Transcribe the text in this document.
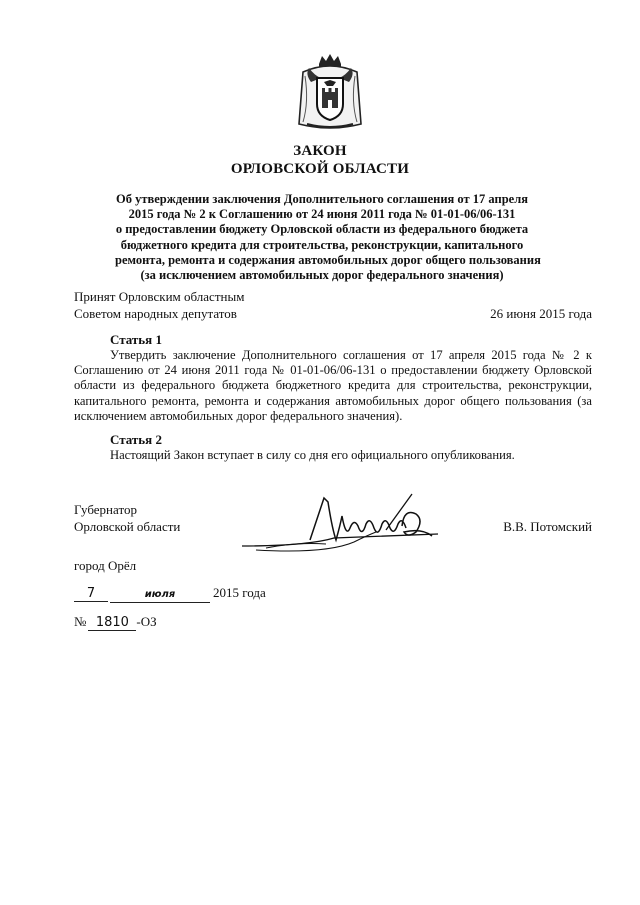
ЗАКОН
ОРЛОВСКОЙ ОБЛАСТИ
Об утверждении заключения Дополнительного соглашения от 17 апреля
2015 года № 2 к Соглашению от 24 июня 2011 года № 01-01-06/06-131
о предоставлении бюджету Орловской области из федерального бюджета
бюджетного кредита для строительства, реконструкции, капитального
ремонта, ремонта и содержания автомобильных дорог общего пользования
(за исключением автомобильных дорог федерального значения)
Принят Орловским областным
Советом народных депутатов	26 июня 2015 года
Статья 1
Утвердить заключение Дополнительного соглашения от 17 апреля 2015 года № 2 к
Соглашению от 24 июня 2011 года № 01-01-06/06-131 о предоставлении бюджету Орловской
области из федерального бюджета бюджетного кредита для строительства, реконструкции,
капитального ремонта, ремонта и содержания автомобильных дорог общего пользования (за
исключением автомобильных дорог федерального значения).
Статья 2
Настоящий Закон вступает в силу со дня его официального опубликования.
Губернатор
Орловской области	В.В. Потомский
город Орёл
7	июля	2015 года
№ 1810 -ОЗ
